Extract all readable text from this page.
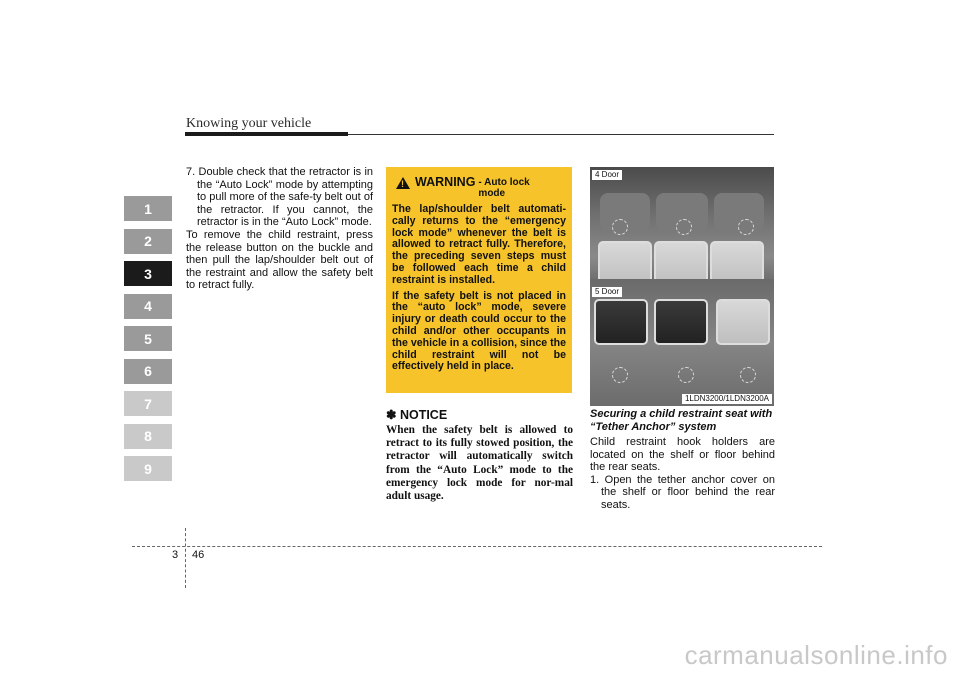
Knowing your vehicle
1
2
3
4
5
6
7
8
9

7. Double check that the retractor is in the “Auto Lock” mode by attempting to pull more of the safe-ty belt out of the retractor. If you cannot, the retractor is in the “Auto Lock” mode.

To remove the child restraint, press the release button on the buckle and then pull the lap/shoulder belt out of the restraint and allow the safety belt to retract fully.

! WARNING - Auto lock mode

The lap/shoulder belt automati-cally returns to the “emergency lock mode” whenever the belt is allowed to retract fully. Therefore, the preceding seven steps must be followed each time a child restraint is installed.

If the safety belt is not placed in the “auto lock” mode, severe injury or death could occur to the child and/or other occupants in the vehicle in a collision, since the child restraint will not be effectively held in place.

✽ NOTICE
When the safety belt is allowed to retract to its fully stowed position, the retractor will automatically switch from the “Auto Lock” mode to the emergency lock mode for nor-mal adult usage.
4 Door
5 Door
1LDN3200/1LDN3200A
Securing a child restraint seat with “Tether Anchor” system

Child restraint hook holders are located on the shelf or floor behind the rear seats.

1. Open the tether anchor cover on the shelf or floor behind the rear seats.

3 46
carmanualsonline.info
